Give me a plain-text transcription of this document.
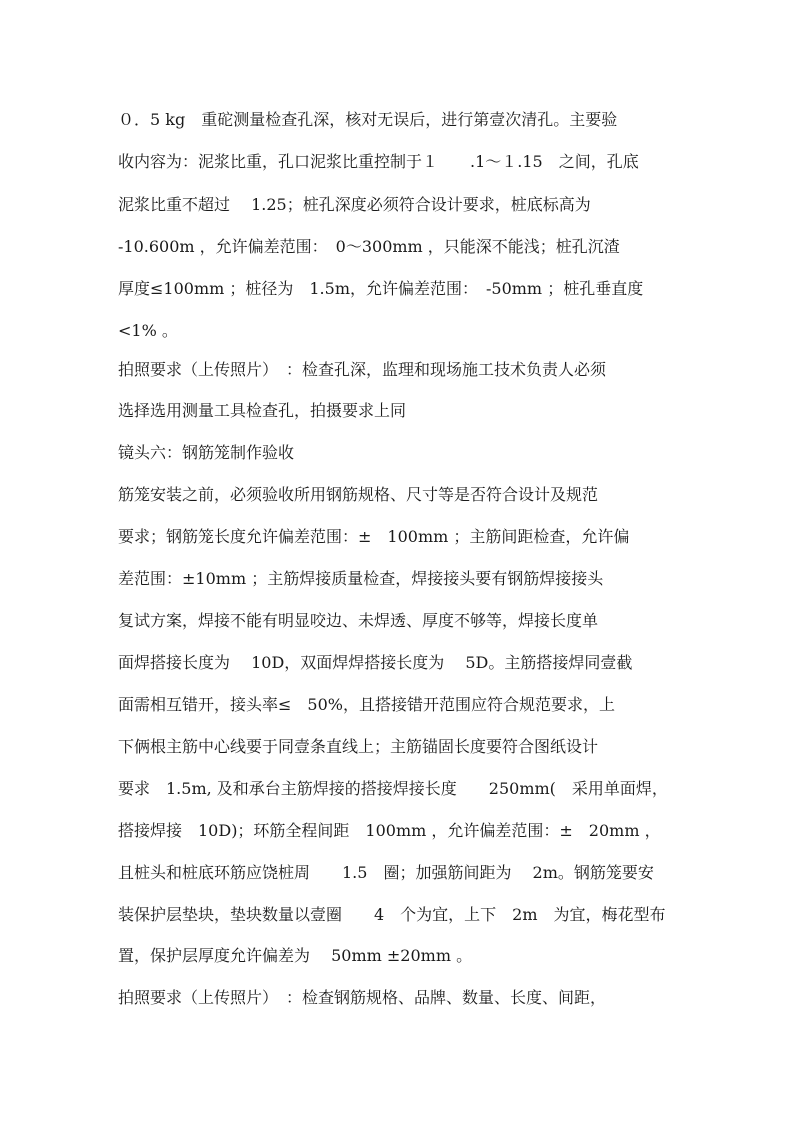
０．5 kg　重砣测量检查孔深，核对无误后，进行第壹次清孔。主要验
收内容为：泥浆比重，孔口泥浆比重控制于１　　.1～１.15　之间，孔底
泥浆比重不超过　 1.25；桩孔深度必须符合设计要求，桩底标高为
-10.600m ，允许偏差范围：　0～300mm ，只能深不能浅；桩孔沉渣
厚度≤100mm ；桩径为　1.5m，允许偏差范围：　-50mm ；桩孔垂直度
<1% 。
拍照要求（上传照片）　：检查孔深，监理和现场施工技术负责人必须
选择选用测量工具检查孔，拍摄要求上同
镜头六：钢筋笼制作验收
筋笼安装之前，必须验收所用钢筋规格、尺寸等是否符合设计及规范
要求；钢筋笼长度允许偏差范围：±　100mm ；主筋间距检查，允许偏
差范围：±10mm ；主筋焊接质量检查，焊接接头要有钢筋焊接接头
复试方案，焊接不能有明显咬边、未焊透、厚度不够等，焊接长度单
面焊搭接长度为　 10D，双面焊焊搭接长度为　 5D。主筋搭接焊同壹截
面需相互错开，接头率≤　50%，且搭接错开范围应符合规范要求，上
下俩根主筋中心线要于同壹条直线上；主筋锚固长度要符合图纸设计
要求　1.5m, 及和承台主筋焊接的搭接焊接长度　　250mm(　采用单面焊，
搭接焊接　10D)；环筋全程间距　100mm ，允许偏差范围：±　20mm ，
且桩头和桩底环筋应饶桩周　　1.5　圈；加强筋间距为　 2m。钢筋笼要安
装保护层垫块，垫块数量以壹圈　　4　个为宜，上下　2m　为宜，梅花型布
置，保护层厚度允许偏差为　 50mm ±20mm 。
拍照要求（上传照片）　：检查钢筋规格、品牌、数量、长度、间距，
